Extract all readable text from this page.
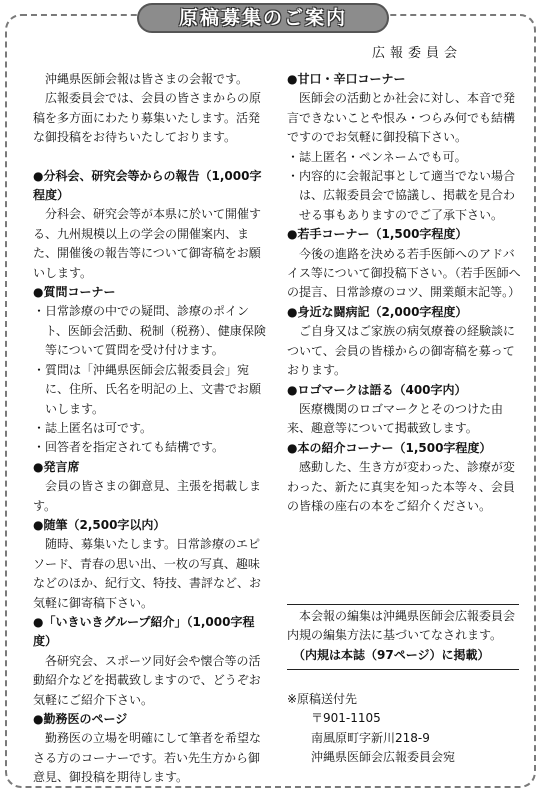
原稿募集のご案内
広報委員会

沖縄県医師会報は皆さまの会報です。

広報委員会では、会員の皆さまからの原稿を多方面にわたり募集いたします。活発な御投稿をお待ちいたしております。

●分科会、研究会等からの報告（1,000字程度）

分科会、研究会等が本県に於いて開催する、九州規模以上の学会の開催案内、また、開催後の報告等について御寄稿をお願いします。

●質問コーナー

・日常診療の中での疑問、診療のポイント、医師会活動、税制（税務）、健康保険等について質問を受け付けます。

・質問は「沖縄県医師会広報委員会」宛に、住所、氏名を明記の上、文書でお願いします。

・誌上匿名は可です。

・回答者を指定されても結構です。

●発言席

会員の皆さまの御意見、主張を掲載します。

●随筆（2,500字以内）

随時、募集いたします。日常診療のエピソード、青春の思い出、一枚の写真、趣味などのほか、紀行文、特技、書評など、お気軽に御寄稿下さい。

●「いきいきグループ紹介」（1,000字程度）

各研究会、スポーツ同好会や懐合等の活動紹介などを掲載致しますので、どうぞお気軽にご紹介下さい。

●勤務医のページ

勤務医の立場を明確にして筆者を希望なさる方のコーナーです。若い先生方から御意見、御投稿を期待します。

●甘口・辛口コーナー

医師会の活動とか社会に対し、本音で発言できないことや恨み・つらみ何でも結構ですのでお気軽に御投稿下さい。

・誌上匿名・ペンネームでも可。

・内容的に会報記事として適当でない場合は、広報委員会で協議し、掲載を見合わせる事もありますのでご了承下さい。

●若手コーナー（1,500字程度）

今後の進路を決める若手医師へのアドバイス等について御投稿下さい。（若手医師への提言、日常診療のコツ、開業顛末記等。）

●身近な闘病記（2,000字程度）

ご自身又はご家族の病気療養の経験談について、会員の皆様からの御寄稿を募っております。

●ロゴマークは語る（400字内）

医療機関のロゴマークとそのつけた由来、趣意等について掲載致します。

●本の紹介コーナー（1,500字程度）

感動した、生き方が変わった、診療が変わった、新たに真実を知った本等々、会員の皆様の座右の本をご紹介ください。

本会報の編集は沖縄県医師会広報委員会内規の編集方法に基づいてなされます。

（内規は本誌（97ページ）に掲載）

※原稿送付先

〒901-1105

南風原町字新川218-9

沖縄県医師会広報委員会宛
